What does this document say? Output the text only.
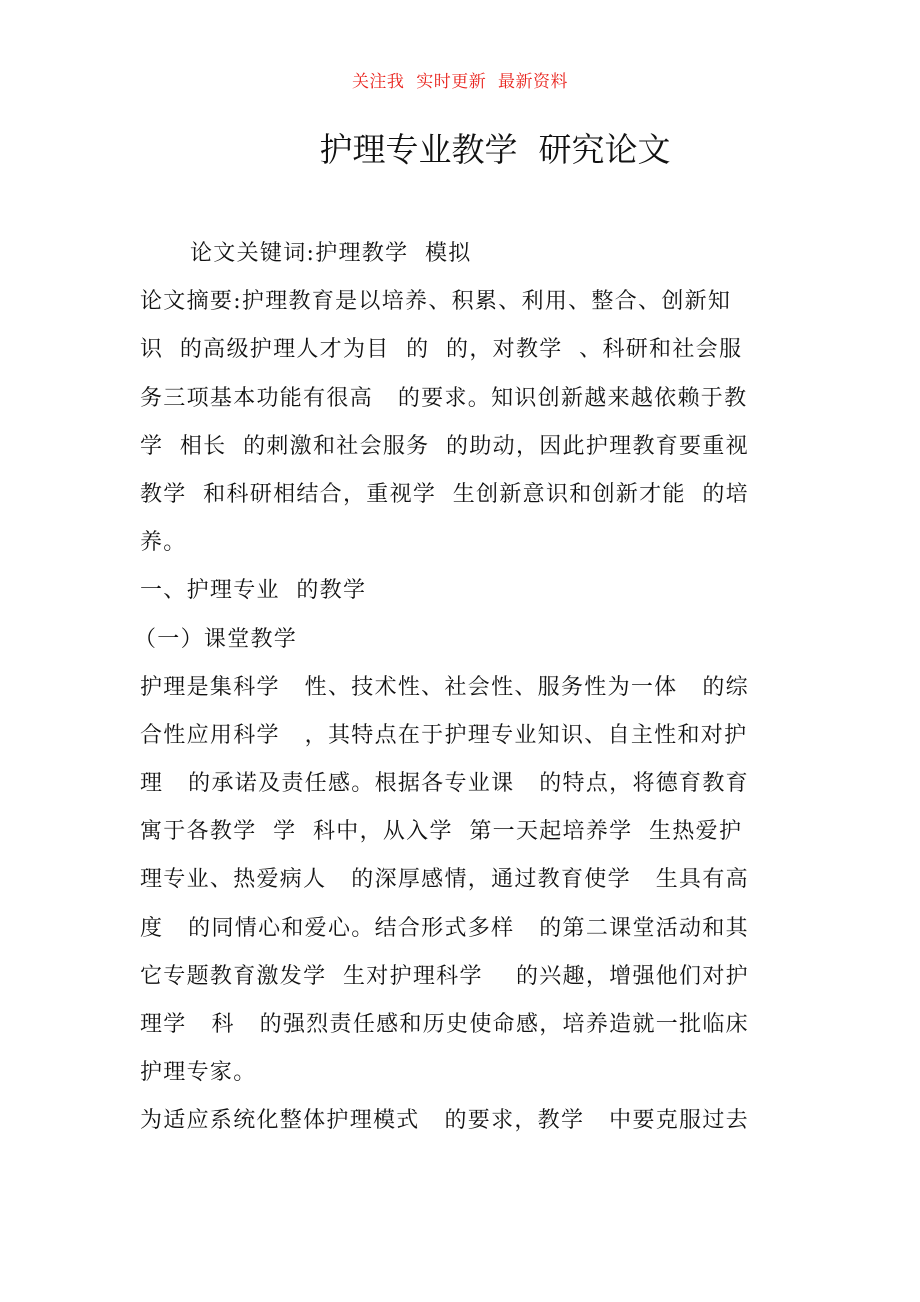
关注我  实时更新  最新资料
护理专业教学  研究论文
论文关键词:护理教学  模拟
论文摘要:护理教育是以培养、积累、利用、整合、创新知
识  的高级护理人才为目  的  的，对教学  、科研和社会服
务三项基本功能有很高   的要求。知识创新越来越依赖于教
学  相长  的刺激和社会服务  的助动，因此护理教育要重视
教学  和科研相结合，重视学  生创新意识和创新才能  的培
养。
一、护理专业  的教学
（一）课堂教学
护理是集科学   性、技术性、社会性、服务性为一体   的综
合性应用科学   ，其特点在于护理专业知识、自主性和对护
理   的承诺及责任感。根据各专业课   的特点，将德育教育
寓于各教学  学  科中，从入学  第一天起培养学  生热爱护
理专业、热爱病人   的深厚感情，通过教育使学   生具有高
度   的同情心和爱心。结合形式多样   的第二课堂活动和其
它专题教育激发学  生对护理科学    的兴趣，增强他们对护
理学   科   的强烈责任感和历史使命感，培养造就一批临床
护理专家。
为适应系统化整体护理模式   的要求，教学   中要克服过去
